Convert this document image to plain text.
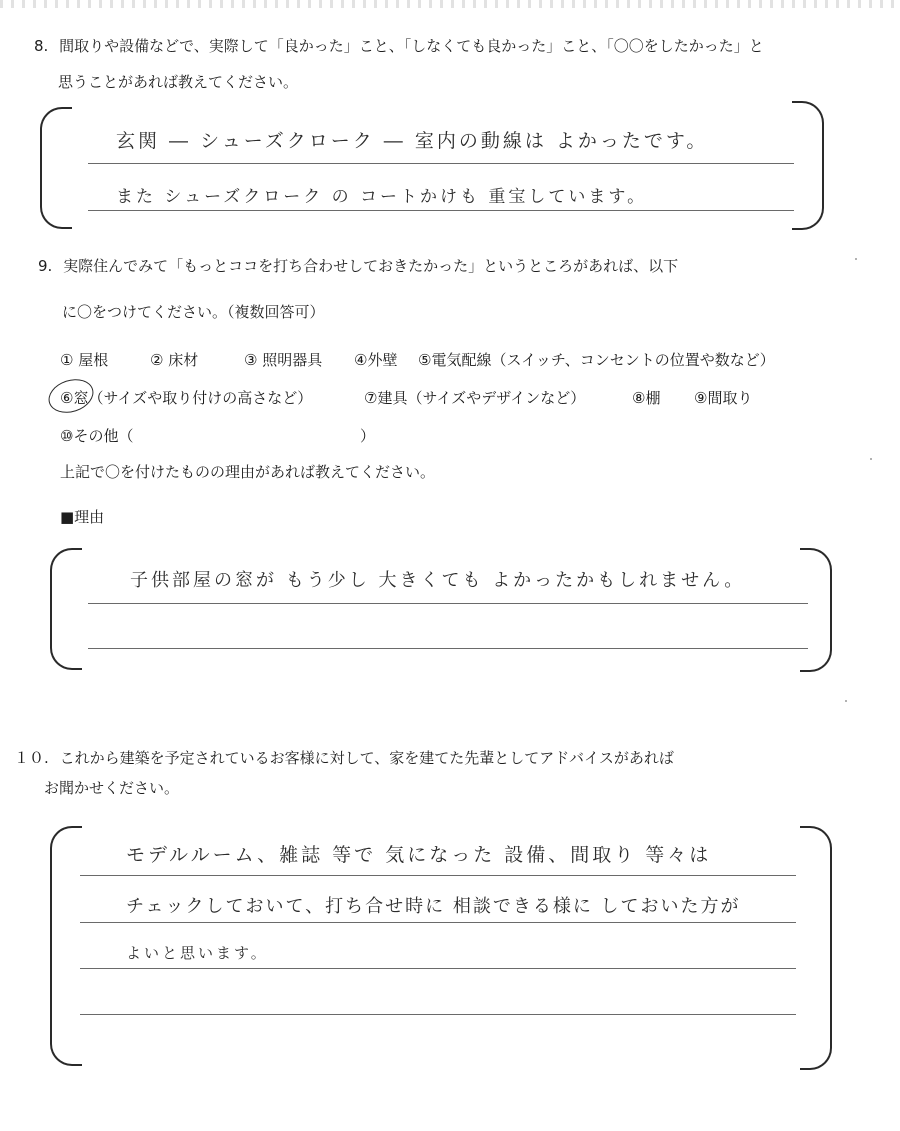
8. 間取りや設備などで、実際して「良かった」こと、「しなくても良かった」こと、「〇〇をしたかった」と
思うことがあれば教えてください。
玄関 ― シューズクローク ― 室内の動線は よかったです。
また シューズクローク の コートかけも 重宝しています。
9. 実際住んでみて「もっとココを打ち合わせしておきたかった」というところがあれば、以下
に〇をつけてください。（複数回答可）
① 屋根	② 床材	③ 照明器具 ④外壁 ⑤電気配線（スイッチ、コンセントの位置や数など）
⑥窓（サイズや取り付けの高さなど）	⑦建具（サイズやデザインなど）	⑧棚 ⑨間取り
⑩その他（	）
上記で〇を付けたものの理由があれば教えてください。
■理由
子供部屋の窓が もう少し 大きくても よかったかもしれません。
１０. これから建築を予定されているお客様に対して、家を建てた先輩としてアドバイスがあれば
お聞かせください。
モデルルーム、雑誌 等で 気になった 設備、間取り 等々は
チェックしておいて、打ち合せ時に 相談できる様に しておいた方が
よいと思います。
